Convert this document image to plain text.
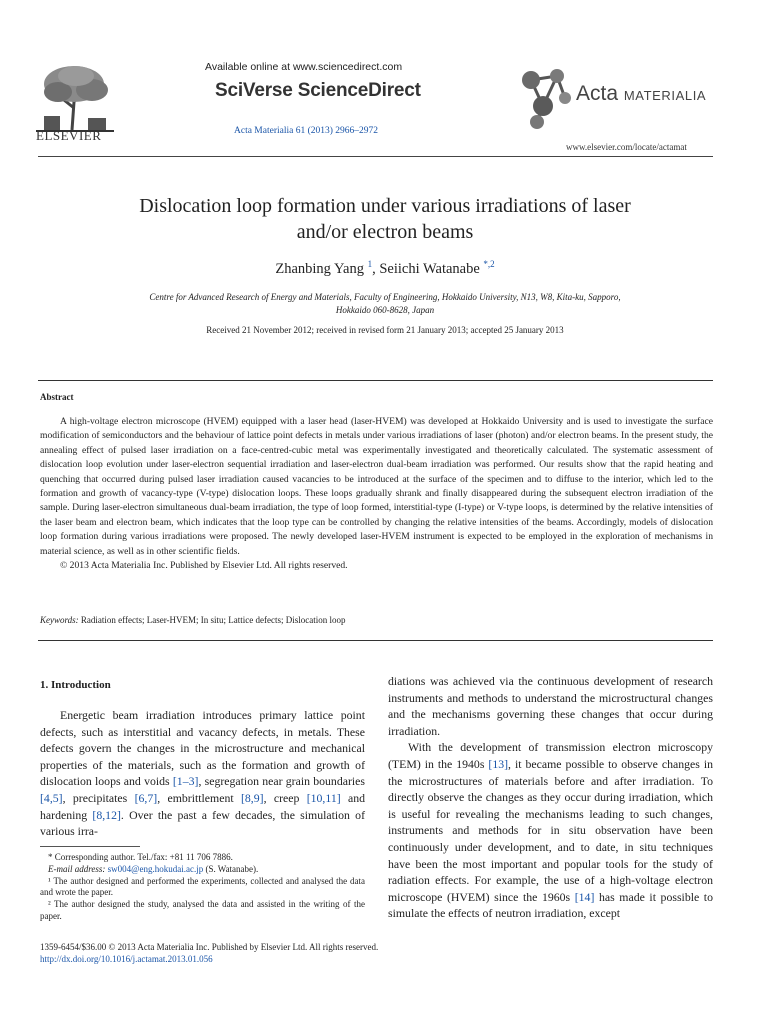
ELSEVIER
Available online at www.sciencedirect.com
SciVerse ScienceDirect
Acta Materialia 61 (2013) 2966–2972
Acta MATERIALIA
www.elsevier.com/locate/actamat
Dislocation loop formation under various irradiations of laser
and/or electron beams
Zhanbing Yang $^1$, Seiichi Watanabe $^{*,2}$
Centre for Advanced Research of Energy and Materials, Faculty of Engineering, Hokkaido University, N13, W8, Kita-ku, Sapporo,
Hokkaido 060-8628, Japan
Received 21 November 2012; received in revised form 21 January 2013; accepted 25 January 2013
Abstract
A high-voltage electron microscope (HVEM) equipped with a laser head (laser-HVEM) was developed at Hokkaido University and is used to investigate the surface modification of semiconductors and the behaviour of lattice point defects in metals under various irradiations of laser (photon) and/or electron beams. In the present study, the annealing effect of pulsed laser irradiation on a face-centred-cubic metal was experimentally investigated and theoretically calculated. The systematic assessment of dislocation loop evolution under laser-electron sequential irradiation and laser-electron dual-beam irradiation was performed. Our results show that the rapid heating and quenching that occurred during pulsed laser irradiation caused vacancies to be introduced at the surface of the specimen and to diffuse to the interior, which led to the formation and growth of vacancy-type (V-type) dislocation loops. These loops gradually shrank and finally disappeared during the subsequent electron irradiation of the sample. During laser-electron simultaneous dual-beam irradiation, the type of loop formed, interstitial-type (I-type) or V-type loops, is determined by the relative intensities of the laser beam and electron beam, which indicates that the loop type can be controlled by changing the relative intensities of the beams. Accordingly, models of dislocation loop formation during various irradiations were proposed. The newly developed laser-HVEM instrument is expected to be employed in the exploration of mechanisms in material science, as well as in other scientific fields.
© 2013 Acta Materialia Inc. Published by Elsevier Ltd. All rights reserved.
Keywords: Radiation effects; Laser-HVEM; In situ; Lattice defects; Dislocation loop
1. Introduction
Energetic beam irradiation introduces primary lattice point defects, such as interstitial and vacancy defects, in metals. These defects govern the changes in the microstructure and mechanical properties of the materials, such as the formation and growth of dislocation loops and voids [1–3], segregation near grain boundaries [4,5], precipitates [6,7], embrittlement [8,9], creep [10,11] and hardening [8,12]. Over the past a few decades, the simulation of various irra-
* Corresponding author. Tel./fax: +81 11 706 7886.
E-mail address: sw004@eng.hokudai.ac.jp (S. Watanabe).
¹ The author designed and performed the experiments, collected and analysed the data and wrote the paper.
² The author designed the study, analysed the data and assisted in the writing of the paper.
diations was achieved via the continuous development of research instruments and methods to understand the microstructural changes and the mechanisms governing these changes that occur during irradiation.
With the development of transmission electron microscopy (TEM) in the 1940s [13], it became possible to observe changes in the microstructures of materials before and after irradiation. To directly observe the changes as they occur during irradiation, which is useful for revealing the mechanisms leading to such changes, instruments and methods for in situ observation have been continuously under development, and to date, in situ techniques have been the most important and popular tools for the study of radiation effects. For example, the use of a high-voltage electron microscope (HVEM) since the 1960s [14] has made it possible to simulate the effects of neutron irradiation, except
1359-6454/$36.00 © 2013 Acta Materialia Inc. Published by Elsevier Ltd. All rights reserved.
http://dx.doi.org/10.1016/j.actamat.2013.01.056
